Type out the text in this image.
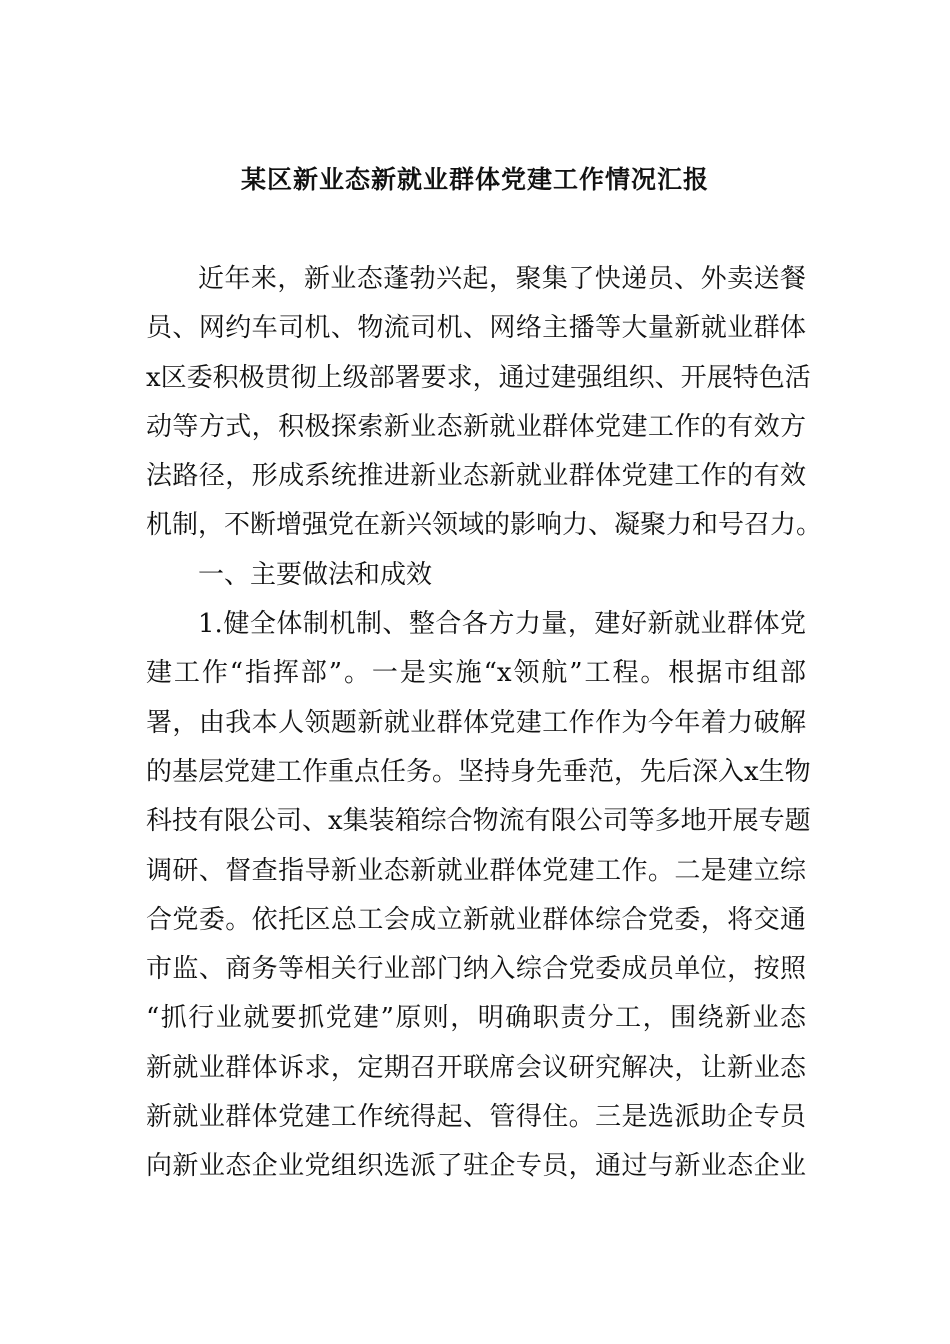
某区新业态新就业群体党建工作情况汇报
近年来，新业态蓬勃兴起，聚集了快递员、外卖送餐
员、网约车司机、物流司机、网络主播等大量新就业群体
x区委积极贯彻上级部署要求，通过建强组织、开展特色活
动等方式，积极探索新业态新就业群体党建工作的有效方
法路径，形成系统推进新业态新就业群体党建工作的有效
机制，不断增强党在新兴领域的影响力、凝聚力和号召力。
一、主要做法和成效
1.健全体制机制、整合各方力量，建好新就业群体党
建工作“指挥部”。一是实施“x领航”工程。根据市组部
署，由我本人领题新就业群体党建工作作为今年着力破解
的基层党建工作重点任务。坚持身先垂范，先后深入x生物
科技有限公司、x集装箱综合物流有限公司等多地开展专题
调研、督查指导新业态新就业群体党建工作。二是建立综
合党委。依托区总工会成立新就业群体综合党委，将交通
市监、商务等相关行业部门纳入综合党委成员单位，按照
“抓行业就要抓党建”原则，明确职责分工，围绕新业态
新就业群体诉求，定期召开联席会议研究解决，让新业态
新就业群体党建工作统得起、管得住。三是选派助企专员
向新业态企业党组织选派了驻企专员，通过与新业态企业
